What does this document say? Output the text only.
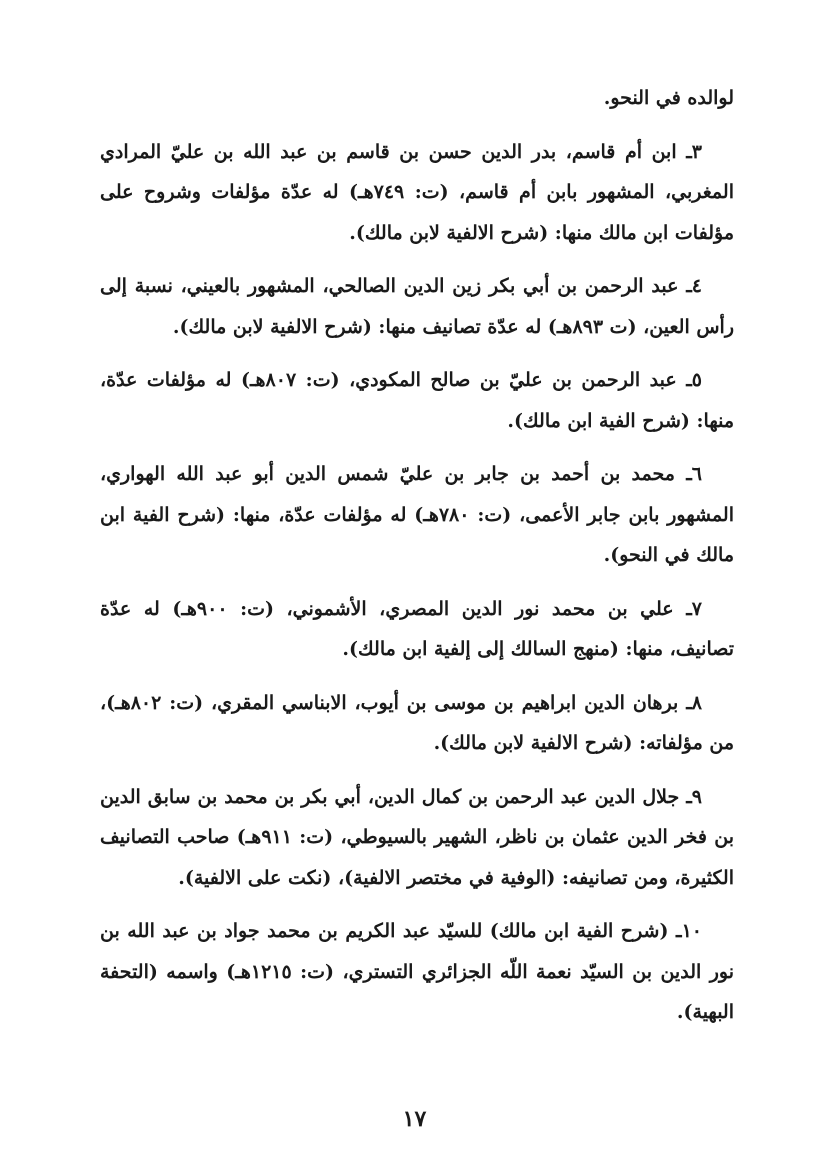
لوالده في النحو.

٣ـ ابن أم قاسم، بدر الدين حسن بن قاسم بن عبد الله بن عليّ المرادي المغربي، المشهور بابن أم قاسم، (ت: ٧٤٩هـ) له عدّة مؤلفات وشروح على مؤلفات ابن مالك منها: (شرح الالفية لابن مالك).

٤ـ عبد الرحمن بن أبي بكر زين الدين الصالحي، المشهور بالعيني، نسبة إلى رأس العين، (ت ٨٩٣هـ) له عدّة تصانيف منها: (شرح الالفية لابن مالك).

٥ـ عبد الرحمن بن عليّ بن صالح المكودي، (ت: ٨٠٧هـ) له مؤلفات عدّة، منها: (شرح الفية ابن مالك).

٦ـ محمد بن أحمد بن جابر بن عليّ شمس الدين أبو عبد الله الهواري، المشهور بابن جابر الأعمى، (ت: ٧٨٠هـ) له مؤلفات عدّة، منها: (شرح الفية ابن مالك في النحو).

٧ـ علي بن محمد نور الدين المصري، الأشموني، (ت: ٩٠٠هـ) له عدّة تصانيف، منها: (منهج السالك إلى إلفية ابن مالك).

٨ـ برهان الدين ابراهيم بن موسى بن أيوب، الابناسي المقري، (ت: ٨٠٢هـ)، من مؤلفاته: (شرح الالفية لابن مالك).

٩ـ جلال الدين عبد الرحمن بن كمال الدين، أبي بكر بن محمد بن سابق الدين بن فخر الدين عثمان بن ناظر، الشهير بالسيوطي، (ت: ٩١١هـ) صاحب التصانيف الكثيرة، ومن تصانيفه: (الوفية في مختصر الالفية)، (نكت على الالفية).

١٠ـ (شرح الفية ابن مالك) للسيّد عبد الكريم بن محمد جواد بن عبد الله بن نور الدين بن السيّد نعمة اللّه الجزائري التستري، (ت: ١٢١٥هـ) واسمه (التحفة البهية).

١٧
